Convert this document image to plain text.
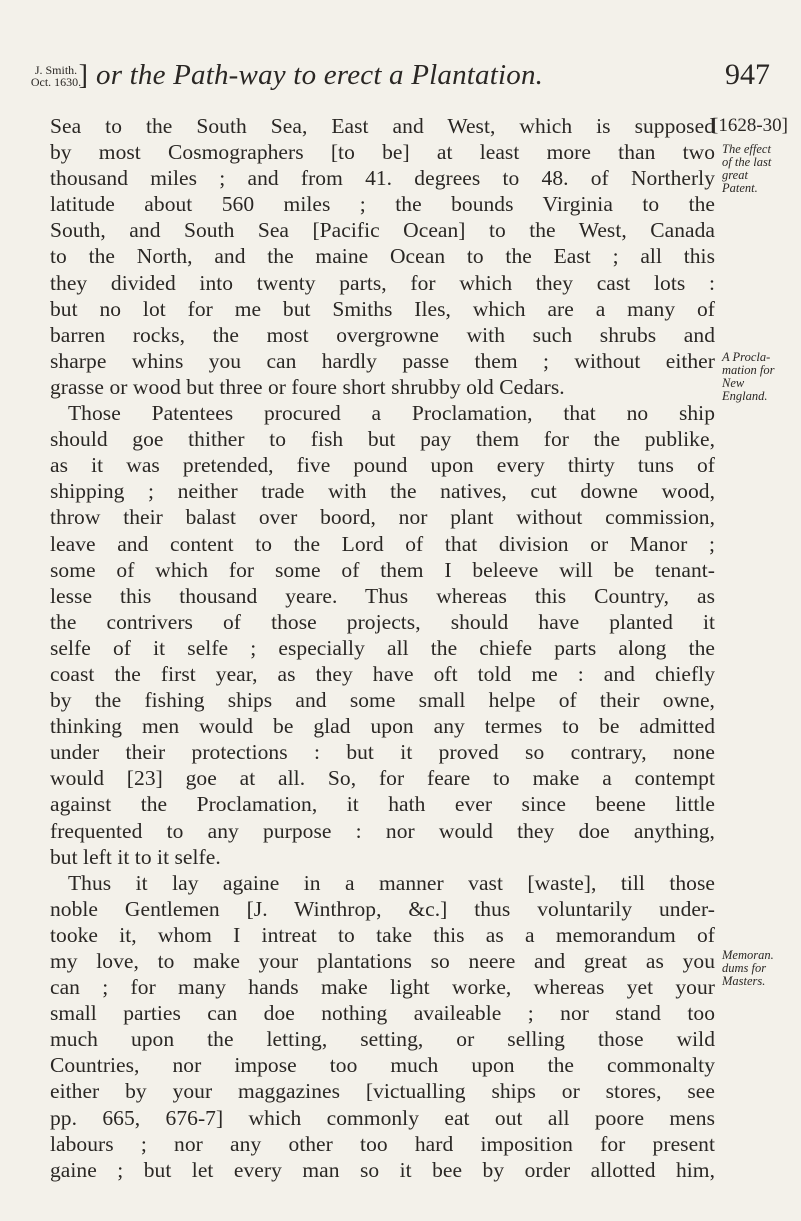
J. Smith.
Oct. 1630.
] or the Path-way to erect a Plantation.	947
[1628-30]
The effect
of the last
great
Patent.
A Procla-
mation for
New
England.
Memoran.
dums for
Masters.
Sea to the South Sea, East and West, which is supposed
by most Cosmographers [to be] at least more than two
thousand miles ; and from 41. degrees to 48. of Northerly
latitude about 560 miles ; the bounds Virginia to the
South, and South Sea [Pacific Ocean] to the West, Canada
to the North, and the maine Ocean to the East ; all this
they divided into twenty parts, for which they cast lots :
but no lot for me but Smiths Iles, which are a many of
barren rocks, the most overgrowne with such shrubs and
sharpe whins you can hardly passe them ; without either
grasse or wood but three or foure short shrubby old Cedars.
Those Patentees procured a Proclamation, that no ship
should goe thither to fish but pay them for the publike,
as it was pretended, five pound upon every thirty tuns of
shipping ; neither trade with the natives, cut downe wood,
throw their balast over boord, nor plant without commission,
leave and content to the Lord of that division or Manor ;
some of which for some of them I beleeve will be tenant-
lesse this thousand yeare. Thus whereas this Country, as
the contrivers of those projects, should have planted it
selfe of it selfe ; especially all the chiefe parts along the
coast the first year, as they have oft told me : and chiefly
by the fishing ships and some small helpe of their owne,
thinking men would be glad upon any termes to be admitted
under their protections : but it proved so contrary, none
would [23] goe at all. So, for feare to make a contempt
against the Proclamation, it hath ever since beene little
frequented to any purpose : nor would they doe anything,
but left it to it selfe.
Thus it lay againe in a manner vast [waste], till those
noble Gentlemen [J. Winthrop, &c.] thus voluntarily under-
tooke it, whom I intreat to take this as a memorandum of
my love, to make your plantations so neere and great as you
can ; for many hands make light worke, whereas yet your
small parties can doe nothing availeable ; nor stand too
much upon the letting, setting, or selling those wild
Countries, nor impose too much upon the commonalty
either by your maggazines [victualling ships or stores, see
pp. 665, 676-7] which commonly eat out all poore mens
labours ; nor any other too hard imposition for present
gaine ; but let every man so it bee by order allotted him,
